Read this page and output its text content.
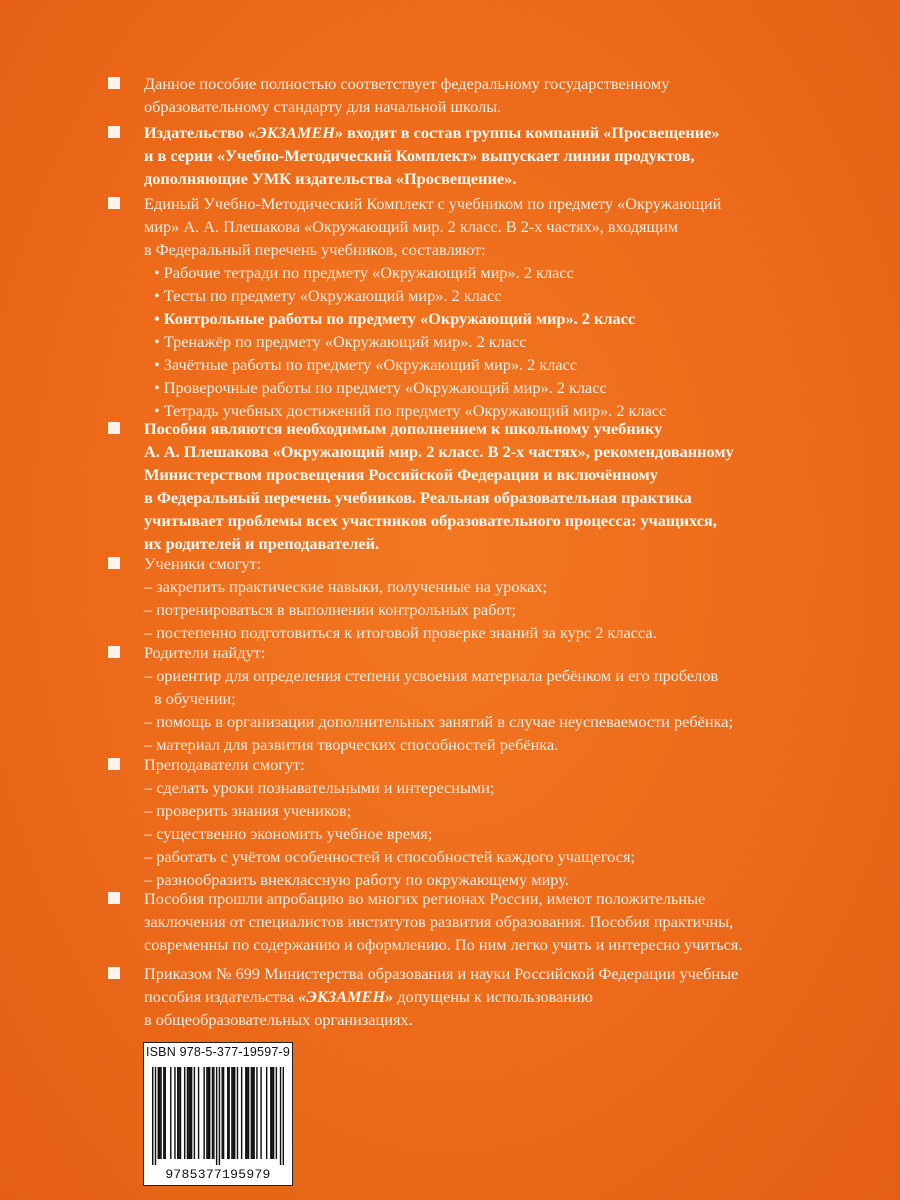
Данное пособие полностью соответствует федеральному государственному
образовательному стандарту для начальной школы.
Издательство «ЭКЗАМЕН» входит в состав группы компаний «Просвещение»
и в серии «Учебно-Методический Комплект» выпускает линии продуктов,
дополняющие УМК издательства «Просвещение».
Единый Учебно-Методический Комплект с учебником по предмету «Окружающий
мир» А. А. Плешакова «Окружающий мир. 2 класс. В 2-х частях», входящим
в Федеральный перечень учебников, составляют:
• Рабочие тетради по предмету «Окружающий мир». 2 класс
• Тесты по предмету «Окружающий мир». 2 класс
• Контрольные работы по предмету «Окружающий мир». 2 класс
• Тренажёр по предмету «Окружающий мир». 2 класс
• Зачётные работы по предмету «Окружающий мир». 2 класс
• Проверочные работы по предмету «Окружающий мир». 2 класс
• Тетрадь учебных достижений по предмету «Окружающий мир». 2 класс
Пособия являются необходимым дополнением к школьному учебнику
А. А. Плешакова «Окружающий мир. 2 класс. В 2-х частях», рекомендованному
Министерством просвещения Российской Федерации и включённому
в Федеральный перечень учебников. Реальная образовательная практика
учитывает проблемы всех участников образовательного процесса: учащихся,
их родителей и преподавателей.
Ученики смогут:
– закрепить практические навыки, полученные на уроках;
– потренироваться в выполнении контрольных работ;
– постепенно подготовиться к итоговой проверке знаний за курс 2 класса.
Родители найдут:
– ориентир для определения степени усвоения материала ребёнком и его пробелов
в обучении;
– помощь в организации дополнительных занятий в случае неуспеваемости ребёнка;
– материал для развития творческих способностей ребёнка.
Преподаватели смогут:
– сделать уроки познавательными и интересными;
– проверить знания учеников;
– существенно экономить учебное время;
– работать с учётом особенностей и способностей каждого учащегося;
– разнообразить внеклассную работу по окружающему миру.
Пособия прошли апробацию во многих регионах России, имеют положительные
заключения от специалистов институтов развития образования. Пособия практичны,
современны по содержанию и оформлению. По ним легко учить и интересно учиться.
Приказом № 699 Министерства образования и науки Российской Федерации учебные
пособия издательства «ЭКЗАМЕН» допущены к использованию
в общеобразовательных организациях.
ISBN 978-5-377-19597-9
9785377195979
